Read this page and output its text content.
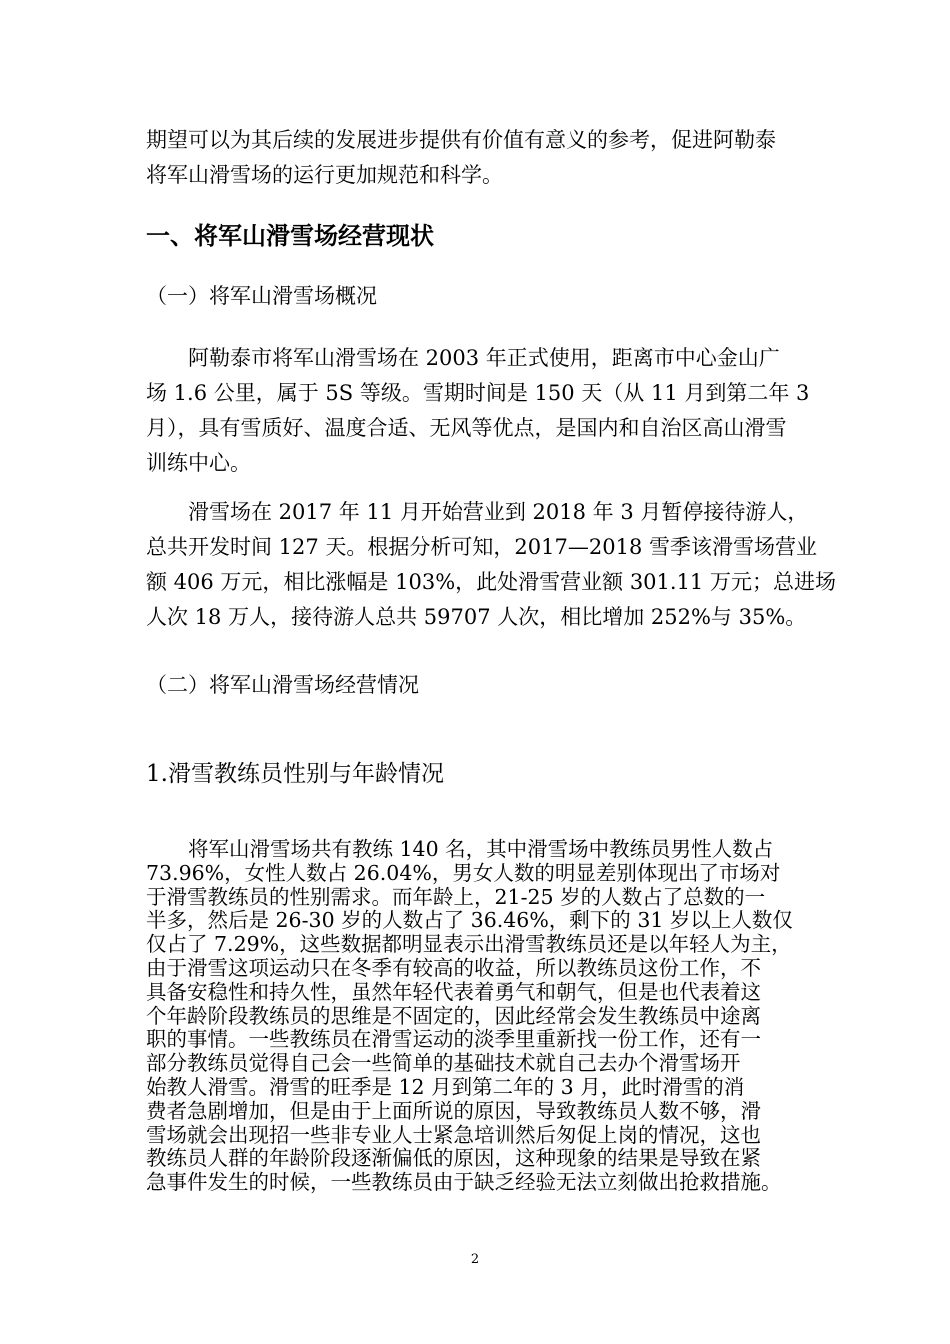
期望可以为其后续的发展进步提供有价值有意义的参考，促进阿勒泰
将军山滑雪场的运行更加规范和科学。
一、将军山滑雪场经营现状
（一）将军山滑雪场概况
阿勒泰市将军山滑雪场在 2003 年正式使用，距离市中心金山广
场 1.6 公里，属于 5S 等级。雪期时间是 150 天（从 11 月到第二年 3
月），具有雪质好、温度合适、无风等优点，是国内和自治区高山滑雪
训练中心。
滑雪场在 2017 年 11 月开始营业到 2018 年 3 月暂停接待游人，
总共开发时间 127 天。根据分析可知，2017—2018 雪季该滑雪场营业
额 406 万元，相比涨幅是 103%，此处滑雪营业额 301.11 万元；总进场
人次 18 万人，接待游人总共 59707 人次，相比增加 252%与 35%。
（二）将军山滑雪场经营情况
1.滑雪教练员性别与年龄情况
将军山滑雪场共有教练 140 名，其中滑雪场中教练员男性人数占
73.96%，女性人数占 26.04%，男女人数的明显差别体现出了市场对
于滑雪教练员的性别需求。而年龄上，21-25 岁的人数占了总数的一
半多，然后是 26-30 岁的人数占了 36.46%，剩下的 31 岁以上人数仅
仅占了 7.29%，这些数据都明显表示出滑雪教练员还是以年轻人为主，
由于滑雪这项运动只在冬季有较高的收益，所以教练员这份工作，不
具备安稳性和持久性，虽然年轻代表着勇气和朝气，但是也代表着这
个年龄阶段教练员的思维是不固定的，因此经常会发生教练员中途离
职的事情。一些教练员在滑雪运动的淡季里重新找一份工作，还有一
部分教练员觉得自己会一些简单的基础技术就自己去办个滑雪场开
始教人滑雪。滑雪的旺季是 12 月到第二年的 3 月，此时滑雪的消
费者急剧增加，但是由于上面所说的原因，导致教练员人数不够，滑
雪场就会出现招一些非专业人士紧急培训然后匆促上岗的情况，这也
教练员人群的年龄阶段逐渐偏低的原因，这种现象的结果是导致在紧
急事件发生的时候，一些教练员由于缺乏经验无法立刻做出抢救措施。
2
